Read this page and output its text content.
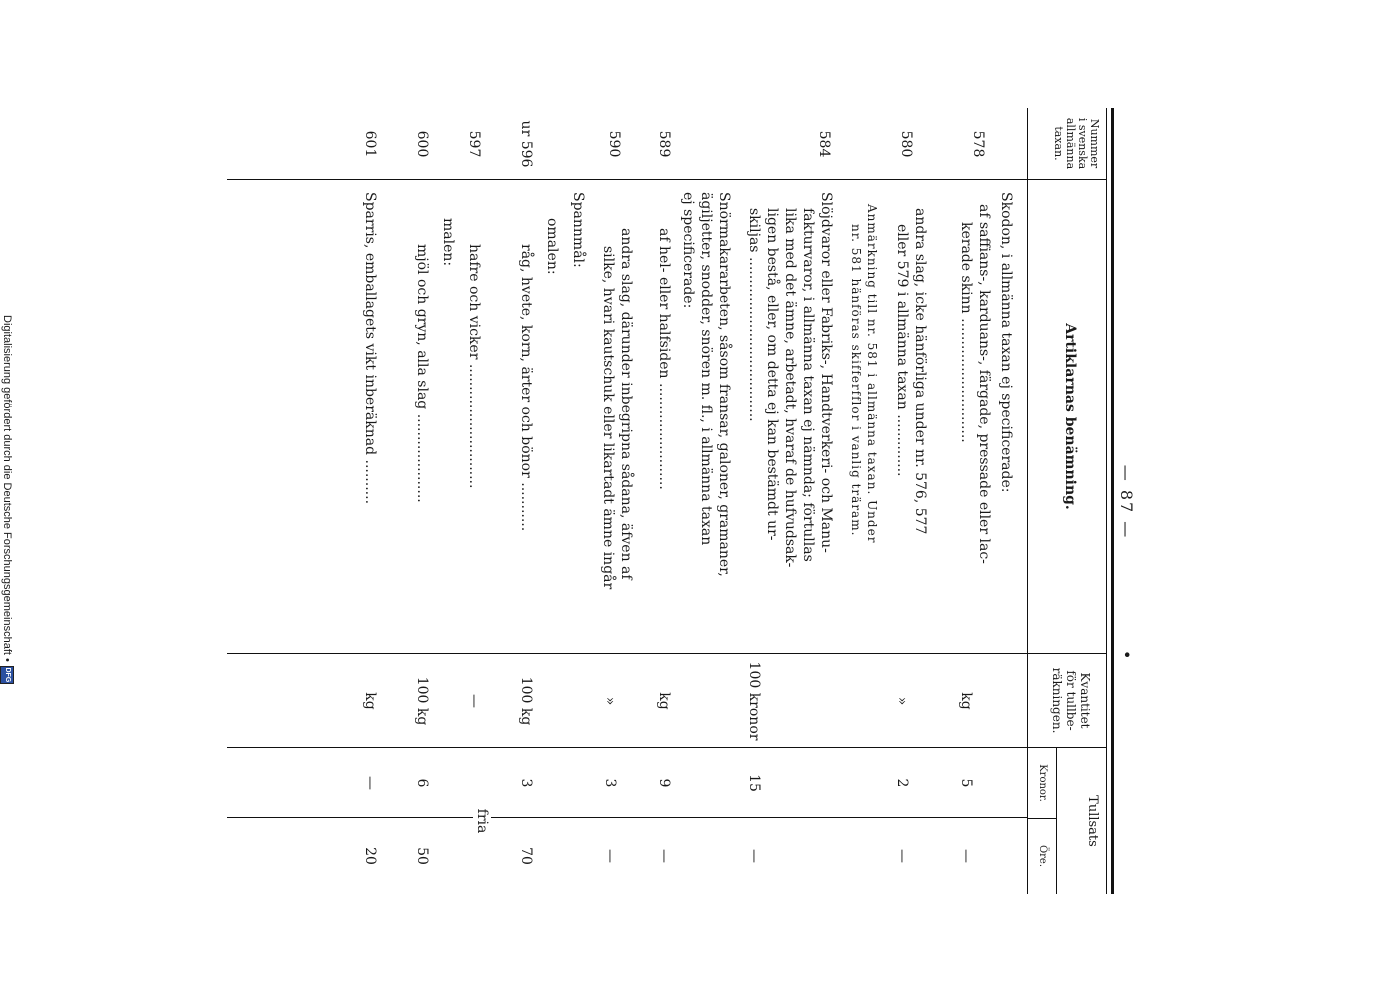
Digitalisierung gefördert durch die Deutsche Forschungsgemeinschaft •
DFG
— 87 —
•
Nummer
i svenska
allmänna
taxan.
Artiklarnas benämning.
Kvantitet
för tullbe-
räkningen.
Tullsats
Kronor.
Öre.
Skodon, i allmänna taxan ej specificerade:
578
af saffians-, karduans-, färgade, pressade eller lac-
kerade skinn ............................
kg
5
—
580
andra slag, icke hänförliga under nr. 576, 577
eller 579 i allmänna taxan ..............
»
2
—
Anmärkning till nr. 581 i allmänna taxan. Under
nr. 581 hänföras skifferfflor i vanlig träram.
584
Slöjdvaror eller Fabriks-, Handtverkeri- och Manu-
fakturvaror, i allmänna taxan ej nämnda; förtullas
lika med det ämne, arbetadt, hvaraf de hufvudsak-
ligen bestå, eller, om detta ej kan bestämdt ur-
skiljas .....................................
100 kronor
15
—
Snörmakararbeten, såsom fransar, galoner, gramaner,
ägiljetter, snodder, snören m. fl., i allmänna taxan
ej specificerade:
589
af hel- eller halfsiden ........................
kg
9
—
590
andra slag, därunder inbegripna sådana, äfven af
silke, hvari kautschuk eller likartadt ämne ingår
»
3
—
Spannmål:
omalen:
ur 596
råg, hvete, korn, ärter och bönor ...........
100 kg
3
70
597
hafre och vicker ............................
—
fria
malen:
600
mjöl och gryn, alla slag ....................
100 kg
6
50
601
Sparris, emballagets vikt inberäknad ..........
kg
—
20
